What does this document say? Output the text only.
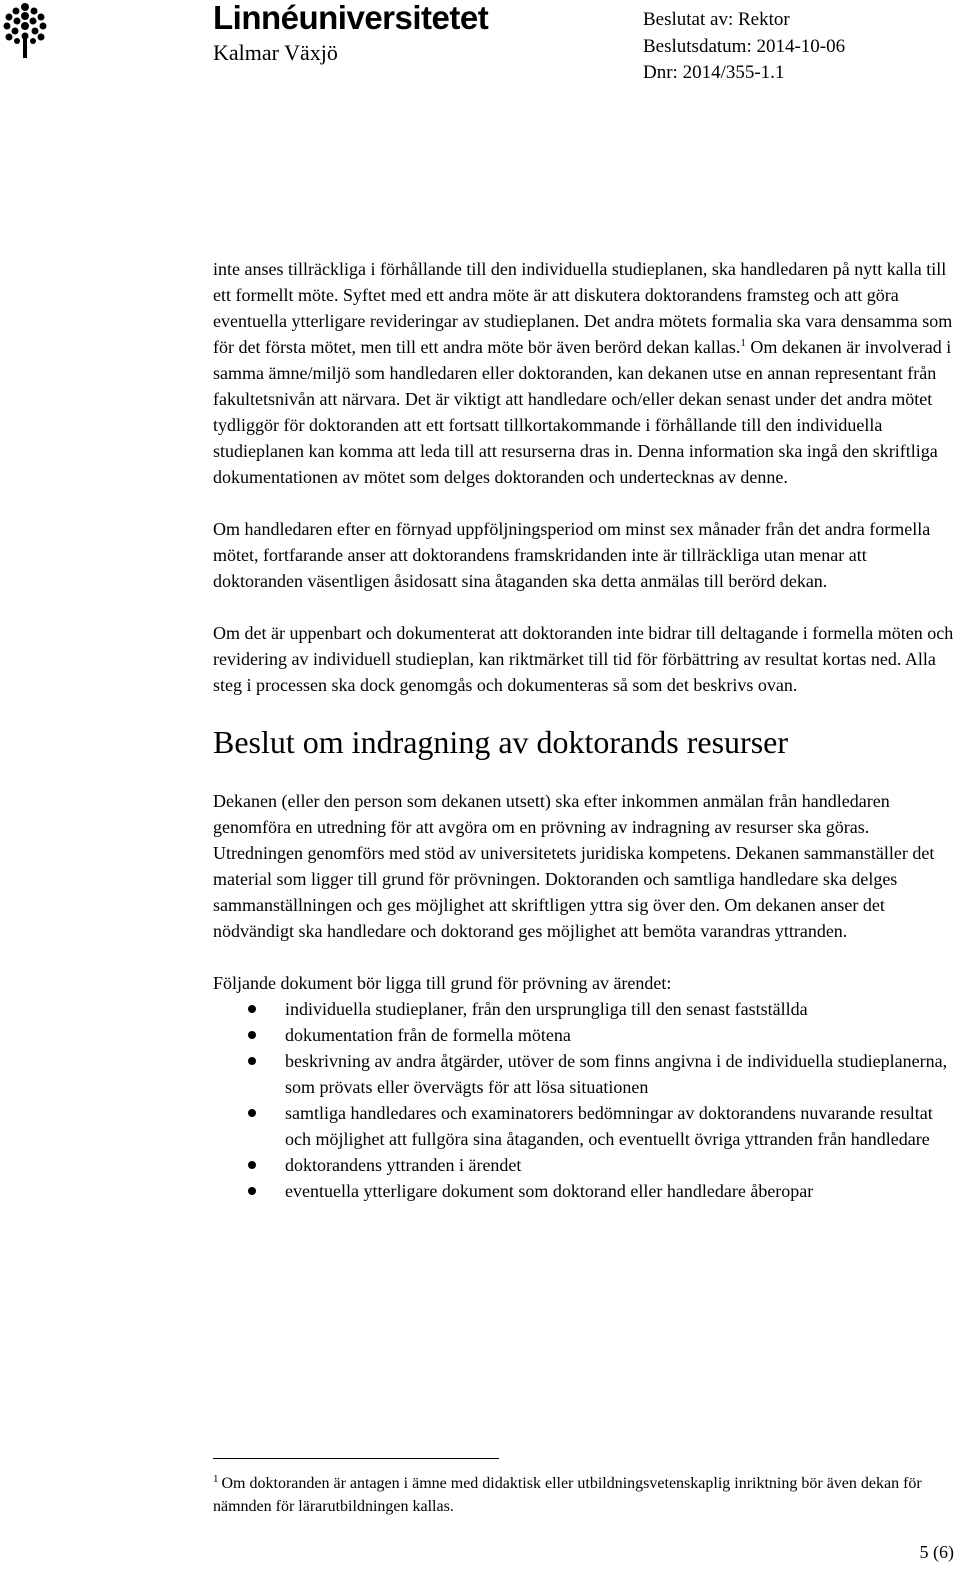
Linnéuniversitetet
Kalmar Växjö
Beslutat av: Rektor
Beslutsdatum: 2014-10-06
Dnr: 2014/355-1.1

inte anses tillräckliga i förhållande till den individuella studieplanen, ska handledaren på nytt kalla till ett formellt möte. Syftet med ett andra möte är att diskutera doktorandens framsteg och att göra eventuella ytterligare revideringar av studieplanen. Det andra mötets formalia ska vara densamma som för det första mötet, men till ett andra möte bör även berörd dekan kallas.$^1$ Om dekanen är involverad i samma ämne/miljö som handledaren eller doktoranden, kan dekanen utse en annan representant från fakultetsnivån att närvara. Det är viktigt att handledare och/eller dekan senast under det andra mötet tydliggör för doktoranden att ett fortsatt tillkortakommande i förhållande till den individuella studieplanen kan komma att leda till att resurserna dras in. Denna information ska ingå den skriftliga dokumentationen av mötet som delges doktoranden och undertecknas av denne.

Om handledaren efter en förnyad uppföljningsperiod om minst sex månader från det andra formella mötet, fortfarande anser att doktorandens framskridanden inte är tillräckliga utan menar att doktoranden väsentligen åsidosatt sina åtaganden ska detta anmälas till berörd dekan.

Om det är uppenbart och dokumenterat att doktoranden inte bidrar till deltagande i formella möten och revidering av individuell studieplan, kan riktmärket till tid för förbättring av resultat kortas ned. Alla steg i processen ska dock genomgås och dokumenteras så som det beskrivs ovan.

Beslut om indragning av doktorands resurser

Dekanen (eller den person som dekanen utsett) ska efter inkommen anmälan från handledaren genomföra en utredning för att avgöra om en prövning av indragning av resurser ska göras. Utredningen genomförs med stöd av universitetets juridiska kompetens. Dekanen sammanställer det material som ligger till grund för prövningen. Doktoranden och samtliga handledare ska delges sammanställningen och ges möjlighet att skriftligen yttra sig över den. Om dekanen anser det nödvändigt ska handledare och doktorand ges möjlighet att bemöta varandras yttranden.

Följande dokument bör ligga till grund för prövning av ärendet:
individuella studieplaner, från den ursprungliga till den senast fastställda
dokumentation från de formella mötena
beskrivning av andra åtgärder, utöver de som finns angivna i de individuella studieplanerna, som prövats eller övervägts för att lösa situationen
samtliga handledares och examinatorers bedömningar av doktorandens nuvarande resultat och möjlighet att fullgöra sina åtaganden, och eventuellt övriga yttranden från handledare
doktorandens yttranden i ärendet
eventuella ytterligare dokument som doktorand eller handledare åberopar
$^1$ Om doktoranden är antagen i ämne med didaktisk eller utbildningsvetenskaplig inriktning bör även dekan för nämnden för lärarutbildningen kallas.
5 (6)
